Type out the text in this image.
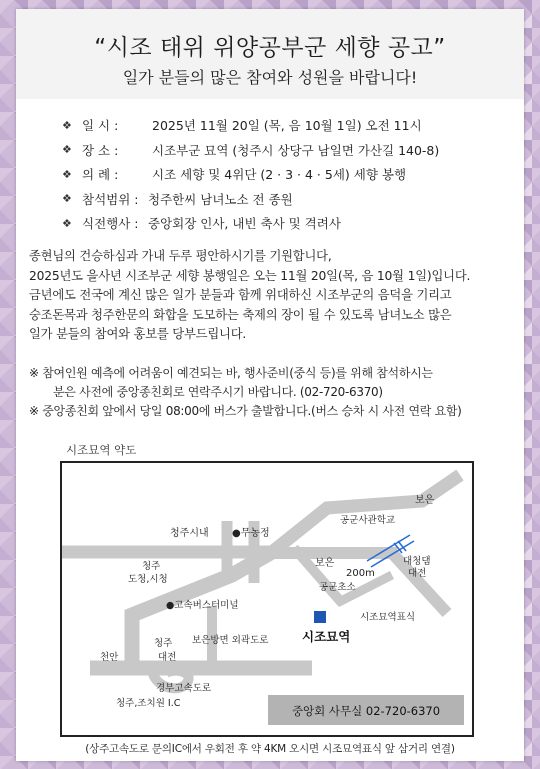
“시조 태위 위양공부군 세향 공고”
일가 분들의 많은 참여와 성원을 바랍니다!
❖ 일 시 :	2025년 11월 20일 (목, 음 10월 1일) 오전 11시
❖ 장 소 :	시조부군 묘역 (청주시 상당구 남일면 가산길 140-8)
❖ 의 례 :	시조 세향 및 4위단 (2 · 3 · 4 · 5세) 세향 봉행
❖ 참석범위 : 청주한씨 남녀노소 전 종원
❖ 식전행사 : 중앙회장 인사, 내빈 축사 및 격려사
종현님의 건승하심과 가내 두루 평안하시기를 기원합니다,
2025년도 을사년 시조부군 세향 봉행일은 오는 11월 20일(목, 음 10월 1일)입니다.
금년에도 전국에 계신 많은 일가 분들과 함께 위대하신 시조부군의 음덕을 기리고
숭조돈목과 청주한문의 화합을 도모하는 축제의 장이 될 수 있도록 남녀노소 많은
일가 분들의 참여와 홍보를 당부드립니다.
※ 참여인원 예측에 어려움이 예견되는 바, 행사준비(중식 등)를 위해 참석하시는
분은 사전에 중앙종친회로 연락주시기 바랍니다. (02-720-6370)
※ 중앙종친회 앞에서 당일 08:00에 버스가 출발합니다.(버스 승차 시 사전 연락 요함)
시조묘역 약도
청주시내 ●무농정
공군사관학교
보은
보은
200m
대청댐
대전
공군초소
청주
도청,시청
●고속버스터미널
시조묘역표식
시조묘역
보은방면 외곽도로
청주
대전
천안
경부고속도로
청주,조치원 I.C
중앙회 사무실 02-720-6370
(상주고속도로 문의IC에서 우회전 후 약 4KM 오시면 시조묘역표식 앞 삼거리 연결)
